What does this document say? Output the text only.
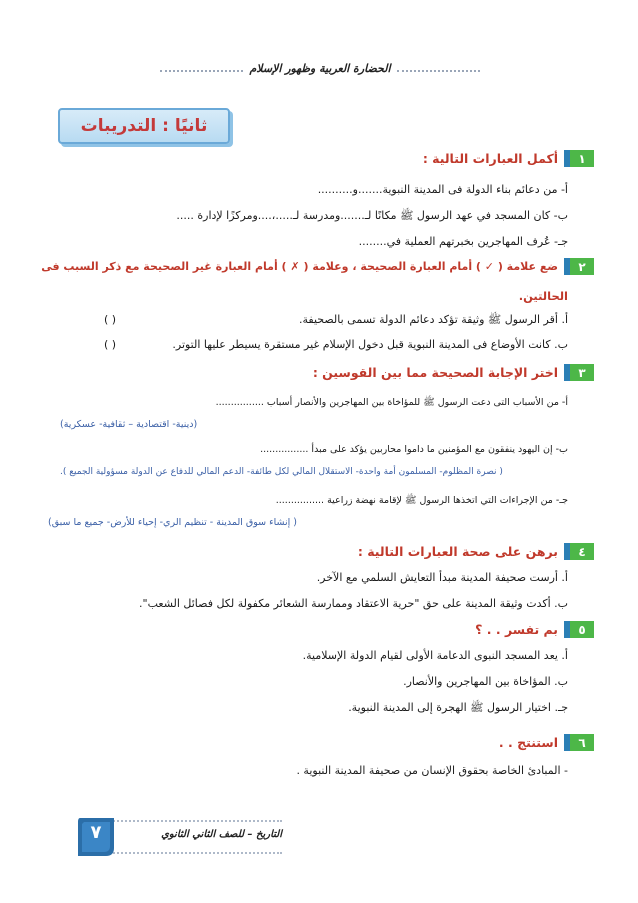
الحضارة العربية وظهور الإسلام
ثانيًا : التدريبات
١
أكمل العبارات التالية :
أ- من دعائم بناء الدولة فى المدينة النبوية.......و..........
ب- كان المسجد في عهد الرسول ﷺ مكانًا لـ.......ومدرسة لـ.....،....ومركزًا لإدارة .....
جـ- عُرف المهاجرين بخبرتهم العملية في........
٢
ضع علامة ( ✓ ) أمام العبارة الصحيحة ، وعلامة ( ✗ ) أمام العبارة غير الصحيحة مع ذكر السبب فى
الحالتين.
أ. أقر الرسول ﷺ وثيقة تؤكد دعائم الدولة تسمى بالصحيفة.
( )
ب. كانت الأوضاع فى المدينة النبوية قبل دخول الإسلام غير مستقرة يسيطر عليها التوتر.
( )
٣
اختر الإجابة الصحيحة مما بين القوسين :
أ- من الأسباب التى دعت الرسول ﷺ للمؤاخاة بين المهاجرين والأنصار أسباب ................
(دينية- اقتصادية – ثقافية- عسكرية)
ب- إن اليهود ينفقون مع المؤمنين ما داموا محاربين يؤكد على مبدأ ................
( نصرة المظلوم- المسلمون أمة واحدة- الاستقلال المالي لكل طائفة- الدعم المالي للدفاع عن الدولة مسؤولية الجميع ).
جـ- من الإجراءات التي اتخذها الرسول ﷺ لإقامة نهضة زراعية ................
( إنشاء سوق المدينة - تنظيم الري- إحياء للأرض- جميع ما سبق)
٤
برهن على صحة العبارات التالية :
أ. أرست صحيفة المدينة مبدأ التعايش السلمي مع الآخر.
ب. أكدت وثيقة المدينة على حق "حرية الاعتقاد وممارسة الشعائر مكفولة لكل فصائل الشعب".
٥
بم تفسر . . ؟
أ. يعد المسجد النبوى الدعامة الأولى لقيام الدولة الإسلامية.
ب. المؤاخاة بين المهاجرين والأنصار.
جـ. اختيار الرسول ﷺ الهجرة إلى المدينة النبوية.
٦
استنتج . .
- المبادئ الخاصة بحقوق الإنسان من صحيفة المدينة النبوية .
التاريخ – للصف الثاني الثانوي
٧
